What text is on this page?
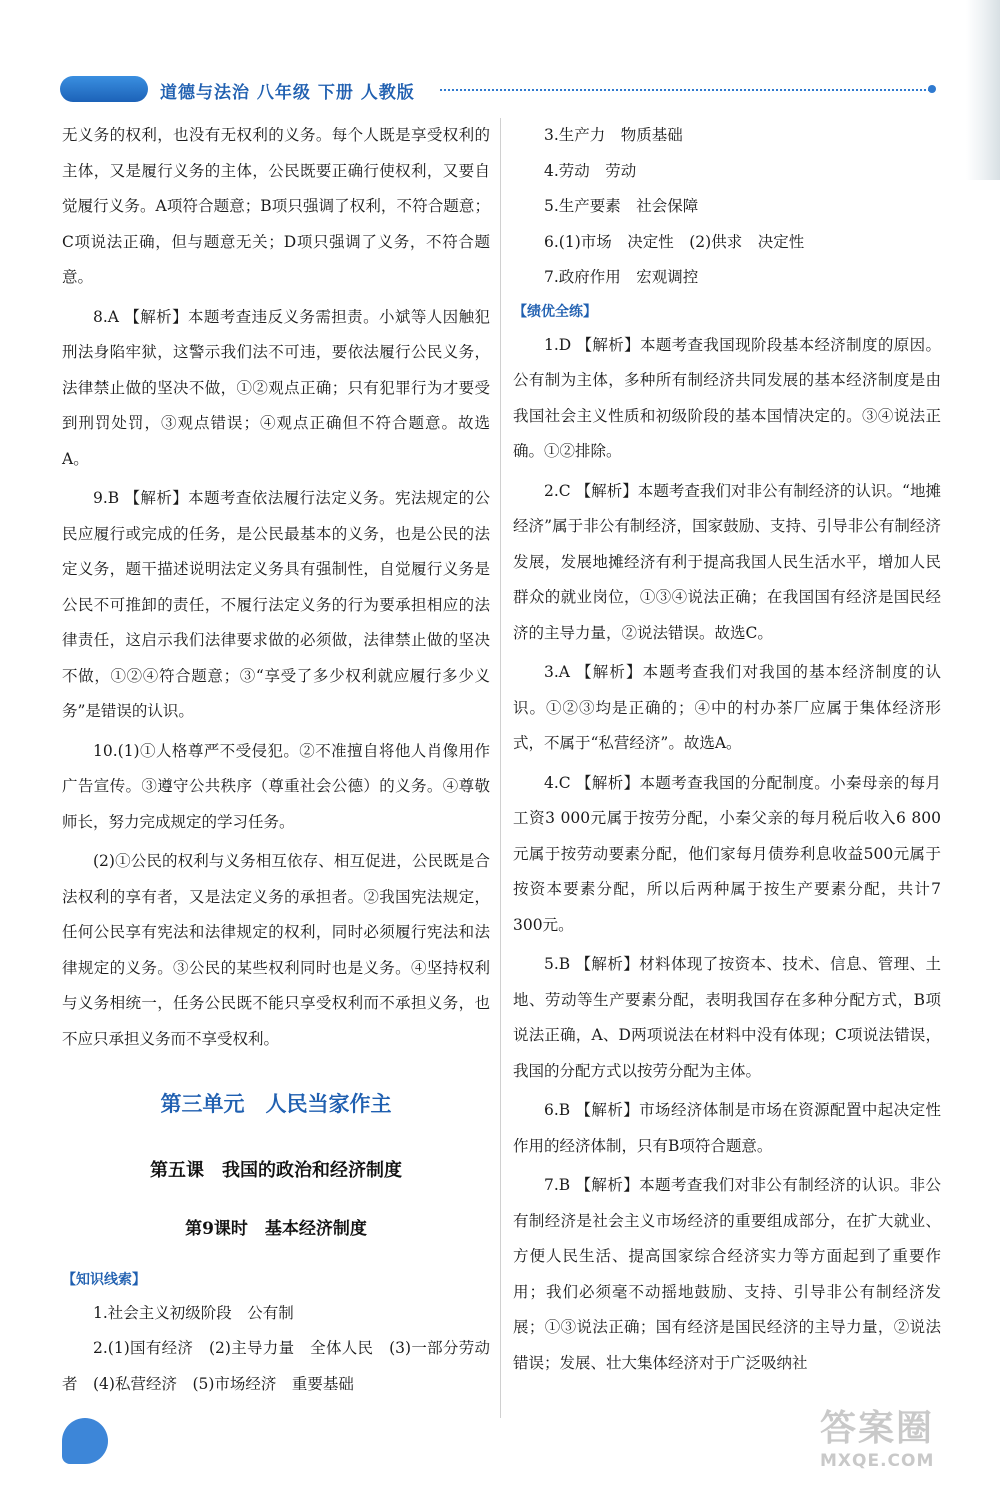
道德与法治 八年级 下册 人教版

无义务的权利，也没有无权利的义务。每个人既是享受权利的主体，又是履行义务的主体，公民既要正确行使权利，又要自觉履行义务。A项符合题意；B项只强调了权利，不符合题意；C项说法正确，但与题意无关；D项只强调了义务，不符合题意。

8.A 【解析】本题考查违反义务需担责。小斌等人因触犯刑法身陷牢狱，这警示我们法不可违，要依法履行公民义务，法律禁止做的坚决不做，①②观点正确；只有犯罪行为才要受到刑罚处罚，③观点错误；④观点正确但不符合题意。故选A。

9.B 【解析】本题考查依法履行法定义务。宪法规定的公民应履行或完成的任务，是公民最基本的义务，也是公民的法定义务，题干描述说明法定义务具有强制性，自觉履行义务是公民不可推卸的责任，不履行法定义务的行为要承担相应的法律责任，这启示我们法律要求做的必须做，法律禁止做的坚决不做，①②④符合题意；③“享受了多少权利就应履行多少义务”是错误的认识。

10.(1)①人格尊严不受侵犯。②不准擅自将他人肖像用作广告宣传。③遵守公共秩序（尊重社会公德）的义务。④尊敬师长，努力完成规定的学习任务。

(2)①公民的权利与义务相互依存、相互促进，公民既是合法权利的享有者，又是法定义务的承担者。②我国宪法规定，任何公民享有宪法和法律规定的权利，同时必须履行宪法和法律规定的义务。③公民的某些权利同时也是义务。④坚持权利与义务相统一，任务公民既不能只享受权利而不承担义务，也不应只承担义务而不享受权利。

第三单元　人民当家作主
第五课　我国的政治和经济制度
第9课时　基本经济制度
【知识线索】

1.社会主义初级阶段　公有制

2.(1)国有经济　(2)主导力量　全体人民　(3)一部分劳动者　(4)私营经济　(5)市场经济　重要基础

3.生产力　物质基础

4.劳动　劳动

5.生产要素　社会保障

6.(1)市场　决定性　(2)供求　决定性

7.政府作用　宏观调控

【绩优全练】

1.D 【解析】本题考查我国现阶段基本经济制度的原因。公有制为主体，多种所有制经济共同发展的基本经济制度是由我国社会主义性质和初级阶段的基本国情决定的。③④说法正确。①②排除。

2.C 【解析】本题考查我们对非公有制经济的认识。“地摊经济”属于非公有制经济，国家鼓励、支持、引导非公有制经济发展，发展地摊经济有利于提高我国人民生活水平，增加人民群众的就业岗位，①③④说法正确；在我国国有经济是国民经济的主导力量，②说法错误。故选C。

3.A 【解析】本题考查我们对我国的基本经济制度的认识。①②③均是正确的；④中的村办茶厂应属于集体经济形式，不属于“私营经济”。故选A。

4.C 【解析】本题考查我国的分配制度。小秦母亲的每月工资3 000元属于按劳分配，小秦父亲的每月税后收入6 800元属于按劳动要素分配，他们家每月债券利息收益500元属于按资本要素分配，所以后两种属于按生产要素分配，共计7 300元。

5.B 【解析】材料体现了按资本、技术、信息、管理、土地、劳动等生产要素分配，表明我国存在多种分配方式，B项说法正确，A、D两项说法在材料中没有体现；C项说法错误，我国的分配方式以按劳分配为主体。

6.B 【解析】市场经济体制是市场在资源配置中起决定性作用的经济体制，只有B项符合题意。

7.B 【解析】本题考查我们对非公有制经济的认识。非公有制经济是社会主义市场经济的重要组成部分，在扩大就业、方便人民生活、提高国家综合经济实力等方面起到了重要作用；我们必须毫不动摇地鼓励、支持、引导非公有制经济发展；①③说法正确；国有经济是国民经济的主导力量，②说法错误；发展、壮大集体经济对于广泛吸纳社

答案圈
MXQE.COM
